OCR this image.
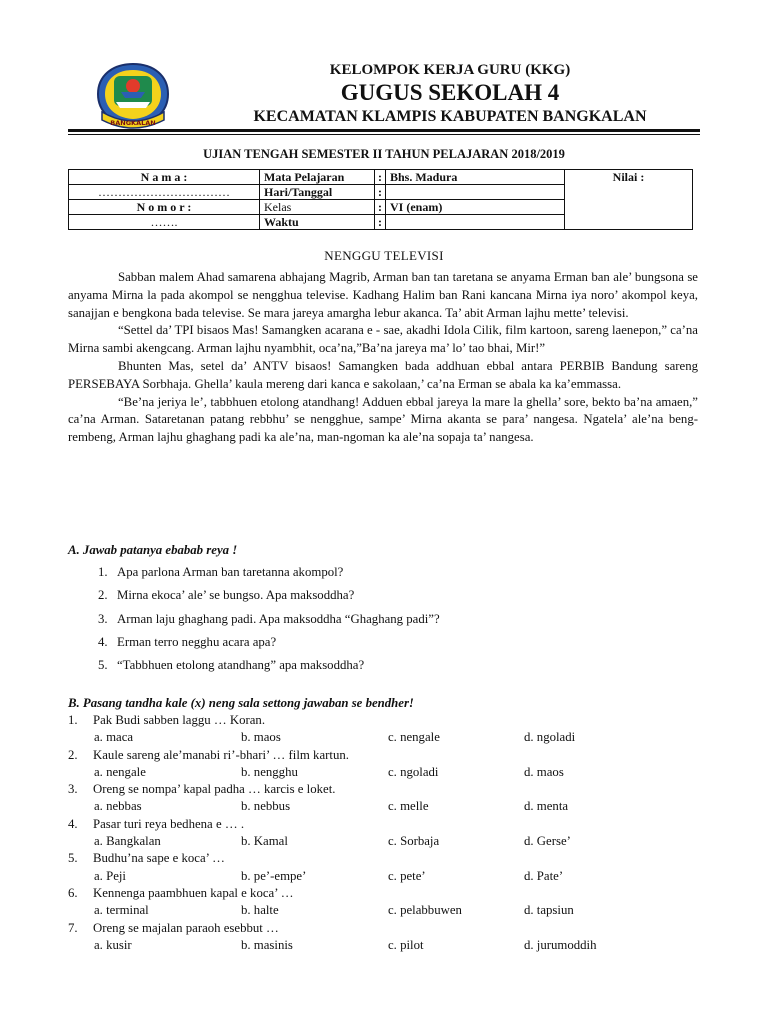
BANGKALAN
KELOMPOK KERJA GURU (KKG)
GUGUS SEKOLAH 4
KECAMATAN KLAMPIS KABUPATEN BANGKALAN
UJIAN TENGAH SEMESTER II TAHUN PELAJARAN 2018/2019
N a m a :	Mata Pelajaran	:	Bhs. Madura	Nilai :
……………………………	Hari/Tanggal	:		
N o m o r :	Kelas	:	VI (enam)	
…….	Waktu	:		
NENGGU TELEVISI

Sabban malem Ahad samarena abhajang Magrib, Arman ban tan taretana se anyama Erman ban ale’ bungsona se anyama Mirna la pada akompol se nengghua televise. Kadhang Halim ban Rani kancana Mirna iya noro’ akompol keya, sanajjan e bengkona bada televise. Se mara jareya amargha lebur akanca. Ta’ abit Arman lajhu mette’ televisi.

“Settel da’ TPI bisaos Mas! Samangken acarana e - sae, akadhi Idola Cilik, film kartoon, sareng laenepon,” ca’na Mirna sambi akengcang. Arman lajhu nyambhit, oca’na,”Ba’na jareya ma’ lo’ tao bhai, Mir!”

Bhunten Mas, setel da’ ANTV bisaos! Samangken bada addhuan ebbal antara PERBIB Bandung sareng PERSEBAYA Sorbhaja. Ghella’ kaula mereng dari kanca e sakolaan,’ ca’na Erman se abala ka ka’emmassa.

“Be’na jeriya le’, tabbhuen etolong atandhang! Adduen ebbal jareya la mare la ghella’ sore, bekto ba’na amaen,” ca’na Arman. Sataretanan patang rebbhu’ se nengghue, sampe’ Mirna akanta se para’ nangesa. Ngatela’ ale’na beng-rembeng, Arman lajhu ghaghang padi ka ale’na, man-ngoman ka ale’na sopaja ta’ nangesa.

A. Jawab patanya ebabab reya !
1. Apa parlona Arman ban taretanna akompol?
2. Mirna ekoca’ ale’ se bungso. Apa maksoddha?
3. Arman laju ghaghang padi. Apa maksoddha “Ghaghang padi”?
4. Erman terro negghu acara apa?
5. “Tabbhuen etolong atandhang” apa maksoddha?
B. Pasang tandha kale (x) neng sala settong jawaban se bendher!
1.	Pak Budi sabben laggu … Koran.
a. maca	b. maos	c. nengale	d. ngoladi
2.	Kaule sareng ale’manabi ri’-bhari’ … film kartun.
a. nengale	b. nengghu	c. ngoladi	d. maos
3.	Oreng se nompa’ kapal padha … karcis e loket.
a. nebbas	b. nebbus	c. melle	d. menta
4.	Pasar turi reya bedhena e … .
a. Bangkalan	b. Kamal	c. Sorbaja	d. Gerse’
5.	Budhu’na sape e koca’ …
a. Peji	b. pe’-empe’	c. pete’	d. Pate’
6.	Kennenga paambhuen kapal e koca’ …
a. terminal	b. halte	c. pelabbuwen	d. tapsiun
7.	Oreng se majalan paraoh esebbut …
a. kusir	b. masinis	c. pilot	d. jurumoddih
